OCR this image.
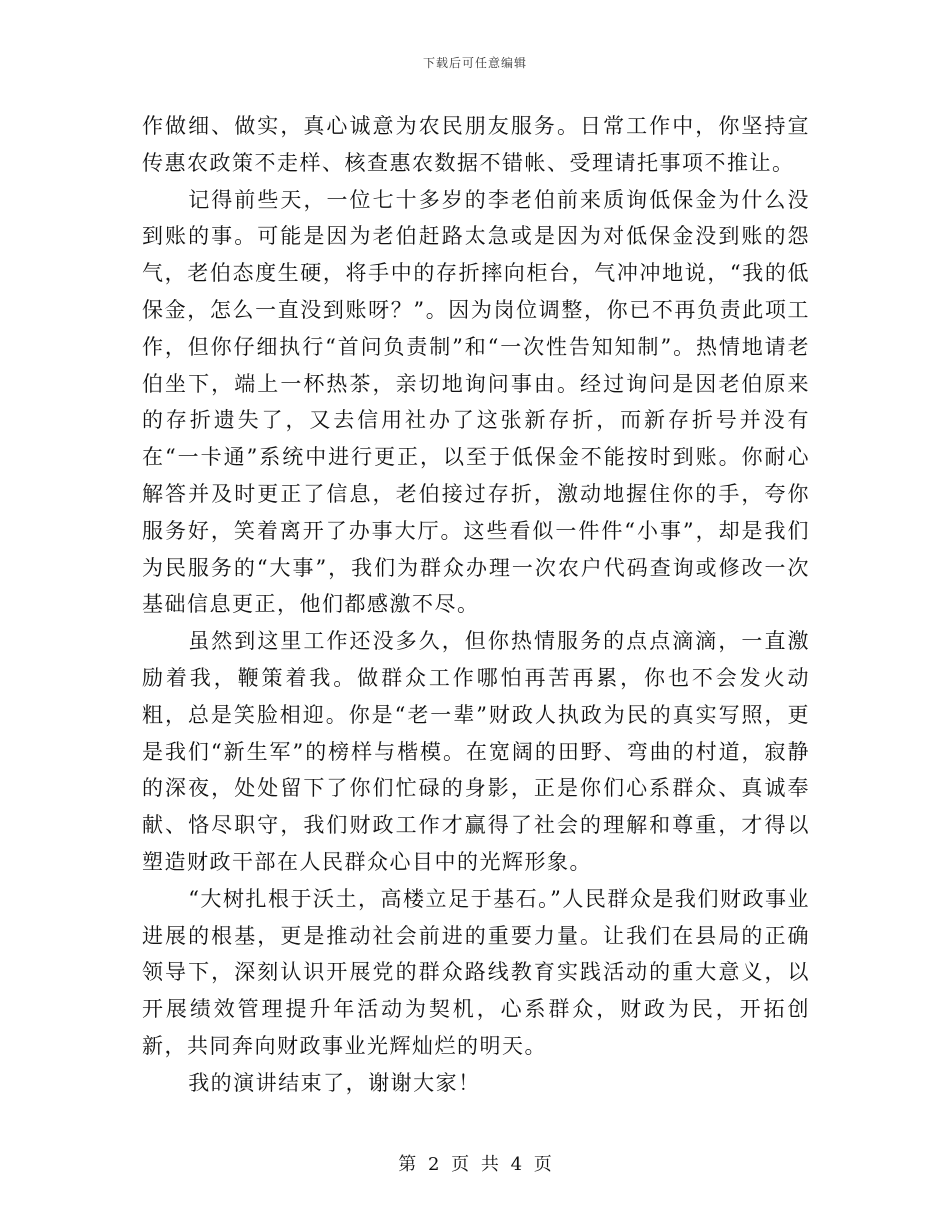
下载后可任意编辑

作做细、做实，真心诚意为农民朋友服务。日常工作中，你坚持宣传惠农政策不走样、核查惠农数据不错帐、受理请托事项不推让。

记得前些天，一位七十多岁的李老伯前来质询低保金为什么没到账的事。可能是因为老伯赶路太急或是因为对低保金没到账的怨气，老伯态度生硬，将手中的存折摔向柜台，气冲冲地说，“我的低保金，怎么一直没到账呀？”。因为岗位调整，你已不再负责此项工作，但你仔细执行“首问负责制”和“一次性告知知制”。热情地请老伯坐下，端上一杯热茶，亲切地询问事由。经过询问是因老伯原来的存折遗失了，又去信用社办了这张新存折，而新存折号并没有在“一卡通”系统中进行更正，以至于低保金不能按时到账。你耐心解答并及时更正了信息，老伯接过存折，激动地握住你的手，夸你服务好，笑着离开了办事大厅。这些看似一件件“小事”，却是我们为民服务的“大事”，我们为群众办理一次农户代码查询或修改一次基础信息更正，他们都感激不尽。

虽然到这里工作还没多久，但你热情服务的点点滴滴，一直激励着我，鞭策着我。做群众工作哪怕再苦再累，你也不会发火动粗，总是笑脸相迎。你是“老一辈”财政人执政为民的真实写照，更是我们“新生军”的榜样与楷模。在宽阔的田野、弯曲的村道，寂静的深夜，处处留下了你们忙碌的身影，正是你们心系群众、真诚奉献、恪尽职守，我们财政工作才赢得了社会的理解和尊重，才得以塑造财政干部在人民群众心目中的光辉形象。

“大树扎根于沃土，高楼立足于基石。”人民群众是我们财政事业进展的根基，更是推动社会前进的重要力量。让我们在县局的正确领导下，深刻认识开展党的群众路线教育实践活动的重大意义，以开展绩效管理提升年活动为契机，心系群众，财政为民，开拓创新，共同奔向财政事业光辉灿烂的明天。

我的演讲结束了，谢谢大家！

第 2 页 共 4 页
